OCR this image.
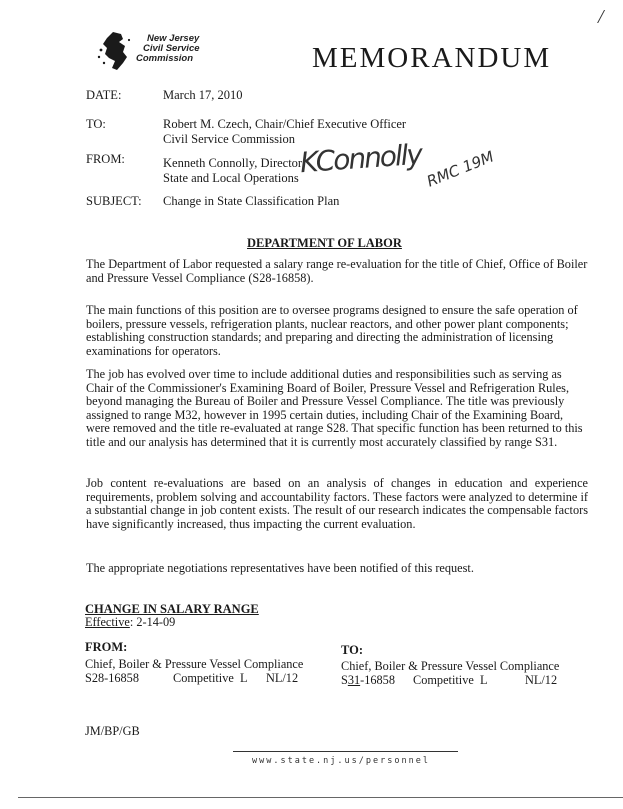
/
New Jersey
Civil Service
Commission	MEMORANDUM
DATE:	March 17, 2010
TO:	Robert M. Czech, Chair/Chief Executive Officer
Civil Service Commission
FROM:	Kenneth Connolly, Director
State and Local Operations KConnolly RMC 19M
SUBJECT: Change in State Classification Plan
DEPARTMENT OF LABOR
The Department of Labor requested a salary range re-evaluation for the title of Chief, Office of Boiler and Pressure Vessel Compliance (S28-16858).
The main functions of this position are to oversee programs designed to ensure the safe operation of boilers, pressure vessels, refrigeration plants, nuclear reactors, and other power plant components; establishing construction standards; and preparing and directing the administration of licensing examinations for operators.
The job has evolved over time to include additional duties and responsibilities such as serving as Chair of the Commissioner's Examining Board of Boiler, Pressure Vessel and Refrigeration Rules, beyond managing the Bureau of Boiler and Pressure Vessel Compliance. The title was previously assigned to range M32, however in 1995 certain duties, including Chair of the Examining Board, were removed and the title re-evaluated at range S28. That specific function has been returned to this title and our analysis has determined that it is currently most accurately classified by range S31.
Job content re-evaluations are based on an analysis of changes in education and experience requirements, problem solving and accountability factors. These factors were analyzed to determine if a substantial change in job content exists. The result of our research indicates the compensable factors have significantly increased, thus impacting the current evaluation.
The appropriate negotiations representatives have been notified of this request.
CHANGE IN SALARY RANGE
Effective: 2-14-09
FROM:
Chief, Boiler & Pressure Vessel Compliance
S28-16858	Competitive  L NL/12
TO:
Chief, Boiler & Pressure Vessel Compliance
S31-16858 Competitive  L	NL/12
JM/BP/GB
www.state.nj.us/personnel
